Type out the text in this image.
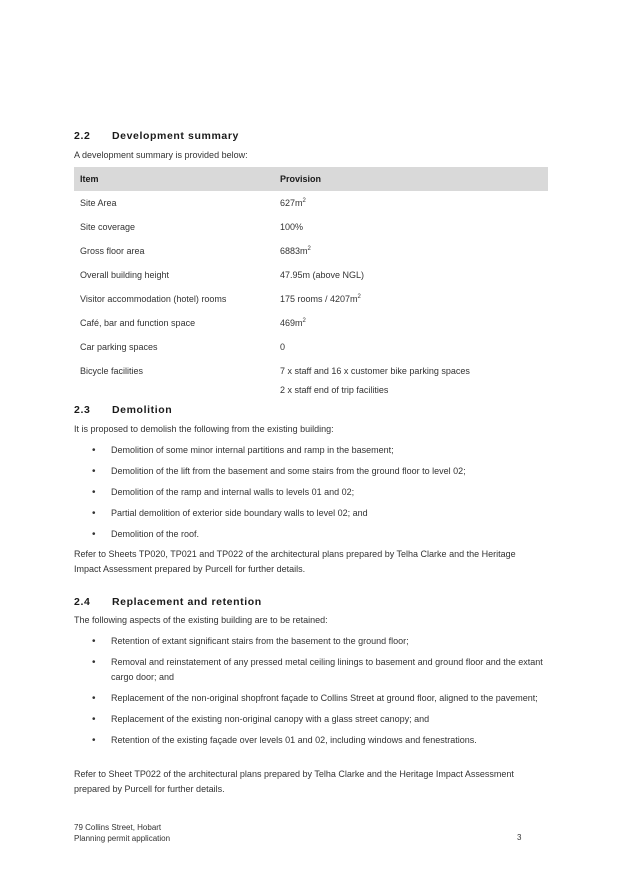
2.2 Development summary
A development summary is provided below:
Item	Provision
Site Area	$627m^2$
Site coverage	100%
Gross floor area	$6883m^2$
Overall building height	47.95m (above NGL)
Visitor accommodation (hotel) rooms	175 rooms / $4207m^2$
Café, bar and function space	$469m^2$
Car parking spaces	0
Bicycle facilities	7 x staff and 16 x customer bike parking spaces
	2 x staff end of trip facilities
2.3 Demolition
It is proposed to demolish the following from the existing building:
• Demolition of some minor internal partitions and ramp in the basement;
• Demolition of the lift from the basement and some stairs from the ground floor to level 02;
• Demolition of the ramp and internal walls to levels 01 and 02;
• Partial demolition of exterior side boundary walls to level 02; and
• Demolition of the roof.
Refer to Sheets TP020, TP021 and TP022 of the architectural plans prepared by Telha Clarke and the Heritage Impact Assessment prepared by Purcell for further details.
2.4 Replacement and retention
The following aspects of the existing building are to be retained:
• Retention of extant significant stairs from the basement to the ground floor;
• Removal and reinstatement of any pressed metal ceiling linings to basement and ground floor and the extant cargo door; and
• Replacement of the non-original shopfront façade to Collins Street at ground floor, aligned to the pavement;
• Replacement of the existing non-original canopy with a glass street canopy; and
• Retention of the existing façade over levels 01 and 02, including windows and fenestrations.
Refer to Sheet TP022 of the architectural plans prepared by Telha Clarke and the Heritage Impact Assessment prepared by Purcell for further details.
79 Collins Street, Hobart
Planning permit application	3
